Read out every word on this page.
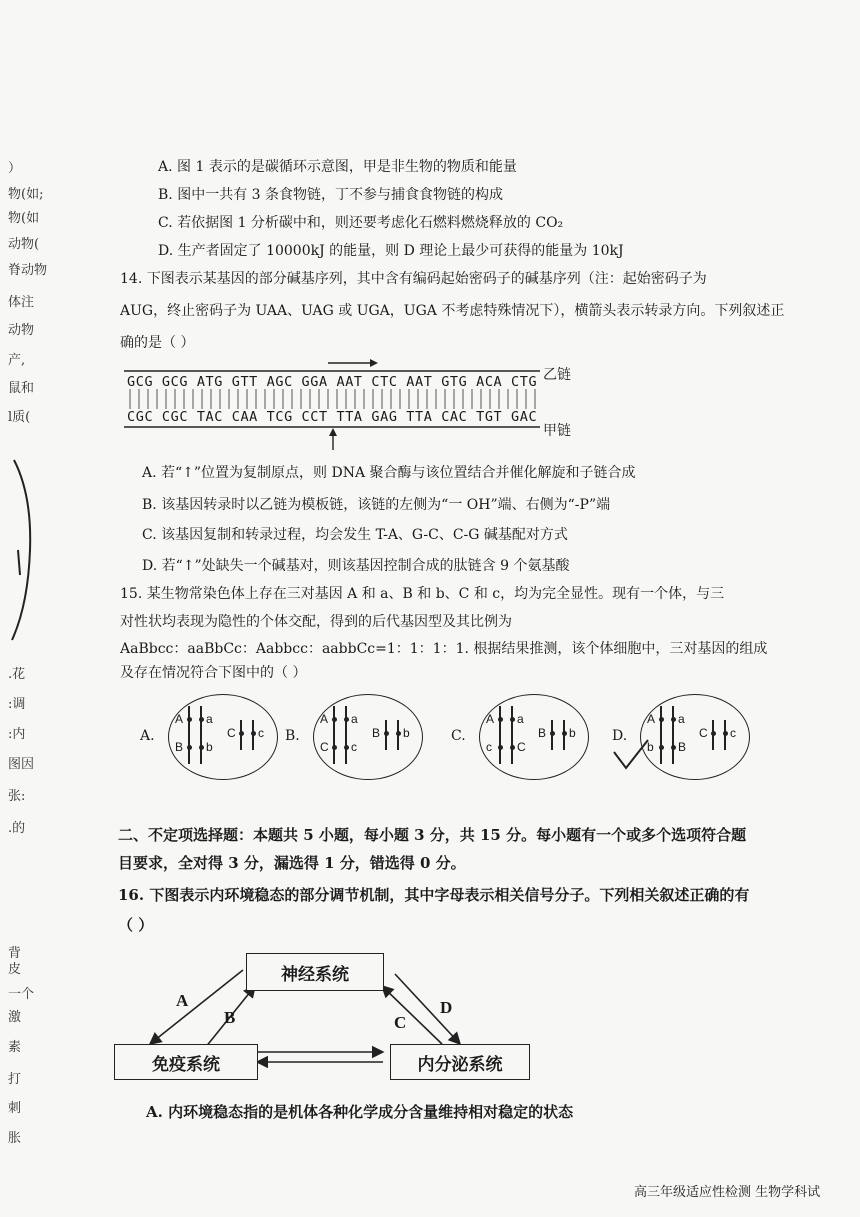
）
物(如;
物(如
动物(
脊动物
体注
动物
产,
鼠和
l质(
.花
:调
:内
图因
张:
.的
背
皮
一个
激
素
打
刺
胀
A. 图 1 表示的是碳循环示意图，甲是非生物的物质和能量
B. 图中一共有 3 条食物链，丁不参与捕食食物链的构成
C. 若依据图 1 分析碳中和，则还要考虑化石燃料燃烧释放的 CO₂
D. 生产者固定了 10000kJ 的能量，则 D 理论上最少可获得的能量为 10kJ
14. 下图表示某基因的部分碱基序列，其中含有编码起始密码子的碱基序列（注：起始密码子为
AUG，终止密码子为 UAA、UAG 或 UGA，UGA 不考虑特殊情况下），横箭头表示转录方向。下列叙述正
确的是（ ）
GCG GCG ATG GTT AGC GGA AAT CTC AAT GTG ACA CTG
CGC CGC TAC CAA TCG CCT TTA GAG TTA CAC TGT GAC
乙链
甲链
A. 若“↑”位置为复制原点，则 DNA 聚合酶与该位置结合并催化解旋和子链合成
B. 该基因转录时以乙链为模板链，该链的左侧为“一 OH”端、右侧为“-P”端
C. 该基因复制和转录过程，均会发生 T-A、G-C、C-G 碱基配对方式
D. 若“↑”处缺失一个碱基对，则该基因控制合成的肽链含 9 个氨基酸
15. 某生物常染色体上存在三对基因 A 和 a、B 和 b、C 和 c，均为完全显性。现有一个体，与三
对性状均表现为隐性的个体交配，得到的后代基因型及其比例为
AaBbcc：aaBbCc：Aabbcc：aabbCc=1：1：1：1. 根据结果推测，该个体细胞中，三对基因的组成
及存在情况符合下图中的（ ）
A.
A a
B b
C c B.
A a
C c
B b	C.
A a
c C
B b	D.
A a
b B
C c
二、不定项选择题：本题共 5 小题，每小题 3 分，共 15 分。每小题有一个或多个选项符合题
目要求，全对得 3 分，漏选得 1 分，错选得 0 分。
16. 下图表示内环境稳态的部分调节机制，其中字母表示相关信号分子。下列相关叙述正确的有
（ ）
神经系统
免疫系统	内分泌系统
A
B	C
D
A. 内环境稳态指的是机体各种化学成分含量维持相对稳定的状态
高三年级适应性检测 生物学科试
